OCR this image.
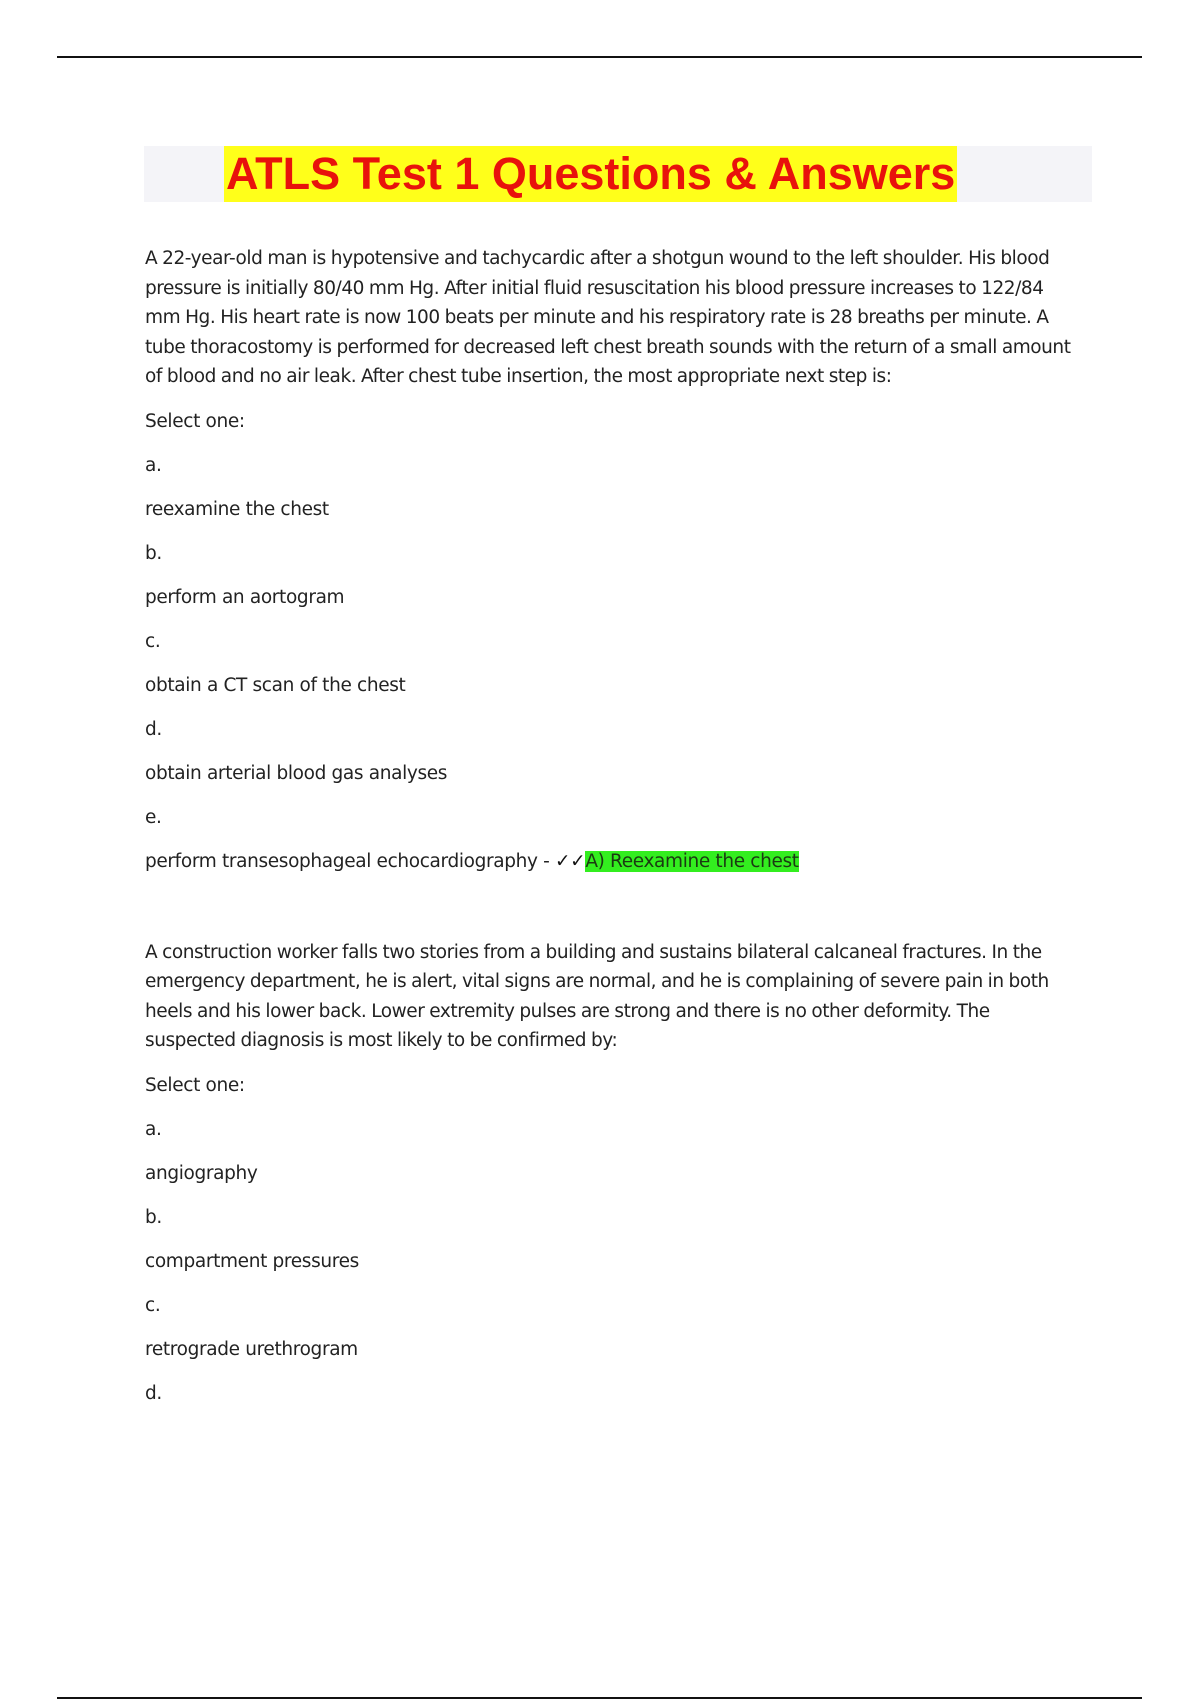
ATLS Test 1 Questions & Answers

A 22-year-old man is hypotensive and tachycardic after a shotgun wound to the left shoulder. His blood pressure is initially 80/40 mm Hg. After initial fluid resuscitation his blood pressure increases to 122/84 mm Hg. His heart rate is now 100 beats per minute and his respiratory rate is 28 breaths per minute. A tube thoracostomy is performed for decreased left chest breath sounds with the return of a small amount of blood and no air leak. After chest tube insertion, the most appropriate next step is:

Select one:

a.

reexamine the chest

b.

perform an aortogram

c.

obtain a CT scan of the chest

d.

obtain arterial blood gas analyses

e.

perform transesophageal echocardiography - ✓✓A) Reexamine the chest

A construction worker falls two stories from a building and sustains bilateral calcaneal fractures. In the emergency department, he is alert, vital signs are normal, and he is complaining of severe pain in both heels and his lower back. Lower extremity pulses are strong and there is no other deformity. The suspected diagnosis is most likely to be confirmed by:

Select one:

a.

angiography

b.

compartment pressures

c.

retrograde urethrogram

d.
